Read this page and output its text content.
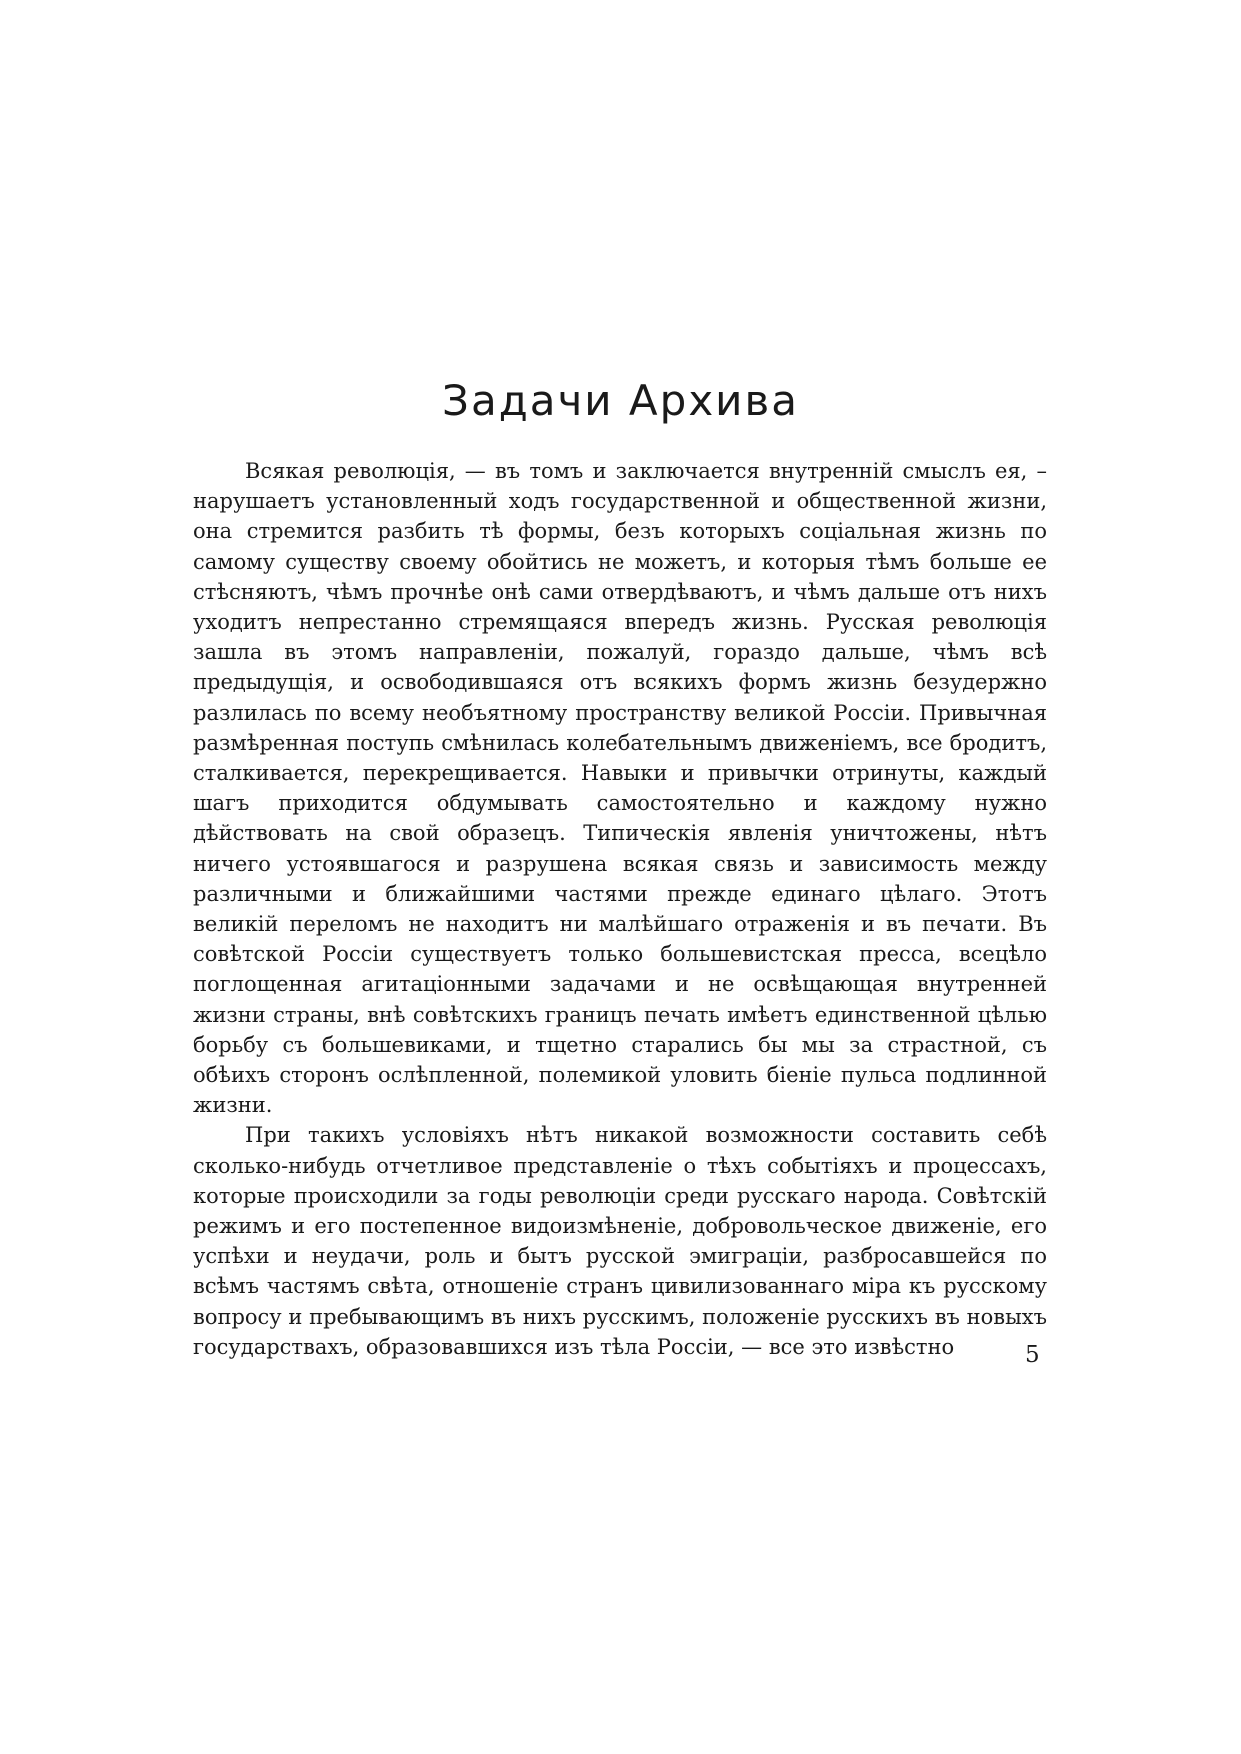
Задачи Архива

Всякая революція, — въ томъ и заключается внутренній смыслъ ея, – нарушаетъ установленный ходъ государственной и общественной жизни, она стремится разбить тѣ формы, безъ которыхъ соціальная жизнь по самому существу своему обойтись не можетъ, и которыя тѣмъ больше ее стѣсняютъ, чѣмъ прочнѣе онѣ сами отвердѣваютъ, и чѣмъ дальше отъ нихъ уходитъ непрестанно стремящаяся впередъ жизнь. Русская революція зашла въ этомъ направленіи, пожалуй, гораздо дальше, чѣмъ всѣ предыдущія, и освободившаяся отъ всякихъ формъ жизнь безудержно разлилась по всему необъятному пространству великой Россіи. Привычная размѣренная поступь смѣнилась колебательнымъ движеніемъ, все бродитъ, сталкивается, перекрещивается. Навыки и привычки отринуты, каждый шагъ приходится обдумывать самостоятельно и каждому нужно дѣйствовать на свой образецъ. Типическія явленія уничтожены, нѣтъ ничего устоявшагося и разрушена всякая связь и зависимость между различными и ближайшими частями прежде единаго цѣлаго. Этотъ великій переломъ не находитъ ни малѣйшаго отраженія и въ печати. Въ совѣтской Россіи существуетъ только большевистская пресса, всецѣло поглощенная агитаціонными задачами и не освѣщающая внутренней жизни страны, внѣ совѣтскихъ границъ печать имѣетъ единственной цѣлью борьбу съ большевиками, и тщетно старались бы мы за страстной, съ обѣихъ сторонъ ослѣпленной, полемикой уловить біеніе пульса подлинной жизни.

При такихъ условіяхъ нѣтъ никакой возможности составить себѣ сколько-нибудь отчетливое представленіе о тѣхъ событіяхъ и процессахъ, которые происходили за годы революціи среди русскаго народа. Совѣтскій режимъ и его постепенное видоизмѣненіе, добровольческое движеніе, его успѣхи и неудачи, роль и бытъ русской эмиграціи, разбросавшейся по всѣмъ частямъ свѣта, отношеніе странъ цивилизованнаго міра къ русскому вопросу и пребывающимъ въ нихъ русскимъ, положеніе русскихъ въ новыхъ государствахъ, образовавшихся изъ тѣла Россіи, — все это извѣстно	5
